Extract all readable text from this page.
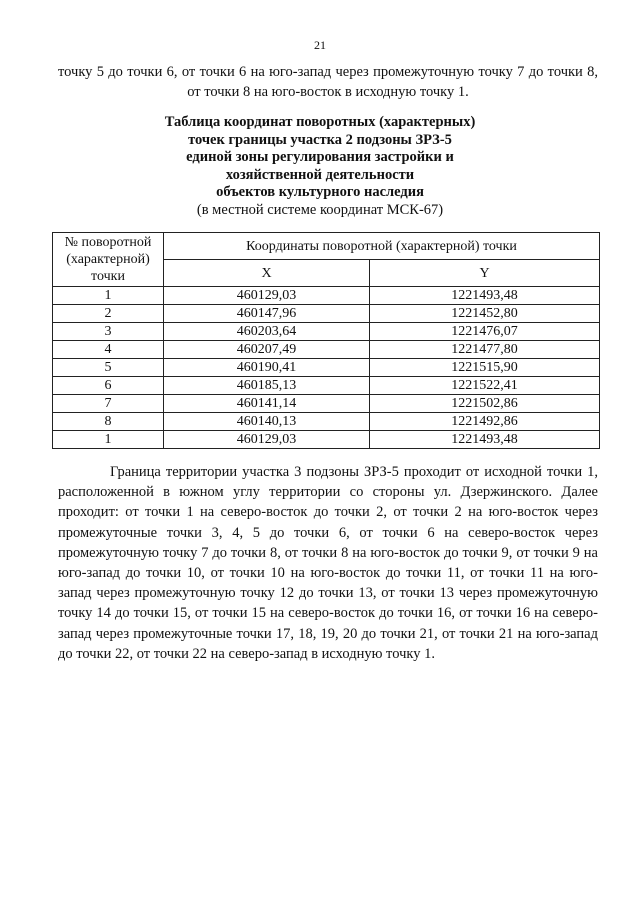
21

точку 5 до точки 6, от точки 6 на юго-запад через промежуточную точку 7 до точки 8, от точки 8 на юго-восток в исходную точку 1.

Таблица координат поворотных (характерных)
точек границы участка 2 подзоны ЗРЗ-5
единой зоны регулирования застройки и
хозяйственной деятельности
объектов культурного наследия
(в местной системе координат МСК-67)
№ поворотной (характерной) точки	Координаты поворотной (характерной) точки	
	X	Y
1	460129,03	1221493,48
2	460147,96	1221452,80
3	460203,64	1221476,07
4	460207,49	1221477,80
5	460190,41	1221515,90
6	460185,13	1221522,41
7	460141,14	1221502,86
8	460140,13	1221492,86
1	460129,03	1221493,48

Граница территории участка 3 подзоны ЗРЗ-5 проходит от исходной точки 1, расположенной в южном углу территории со стороны ул. Дзержинского. Далее проходит: от точки 1 на северо-восток до точки 2, от точки 2 на юго-восток через промежуточные точки 3, 4, 5 до точки 6, от точки 6 на северо-восток через промежуточную точку 7 до точки 8, от точки 8 на юго-восток до точки 9, от точки 9 на юго-запад до точки 10, от точки 10 на юго-восток до точки 11, от точки 11 на юго-запад через промежуточную точку 12 до точки 13, от точки 13 через промежуточную точку 14 до точки 15, от точки 15 на северо-восток до точки 16, от точки 16 на северо-запад через промежуточные точки 17, 18, 19, 20 до точки 21, от точки 21 на юго-запад до точки 22, от точки 22 на северо-запад в исходную точку 1.
